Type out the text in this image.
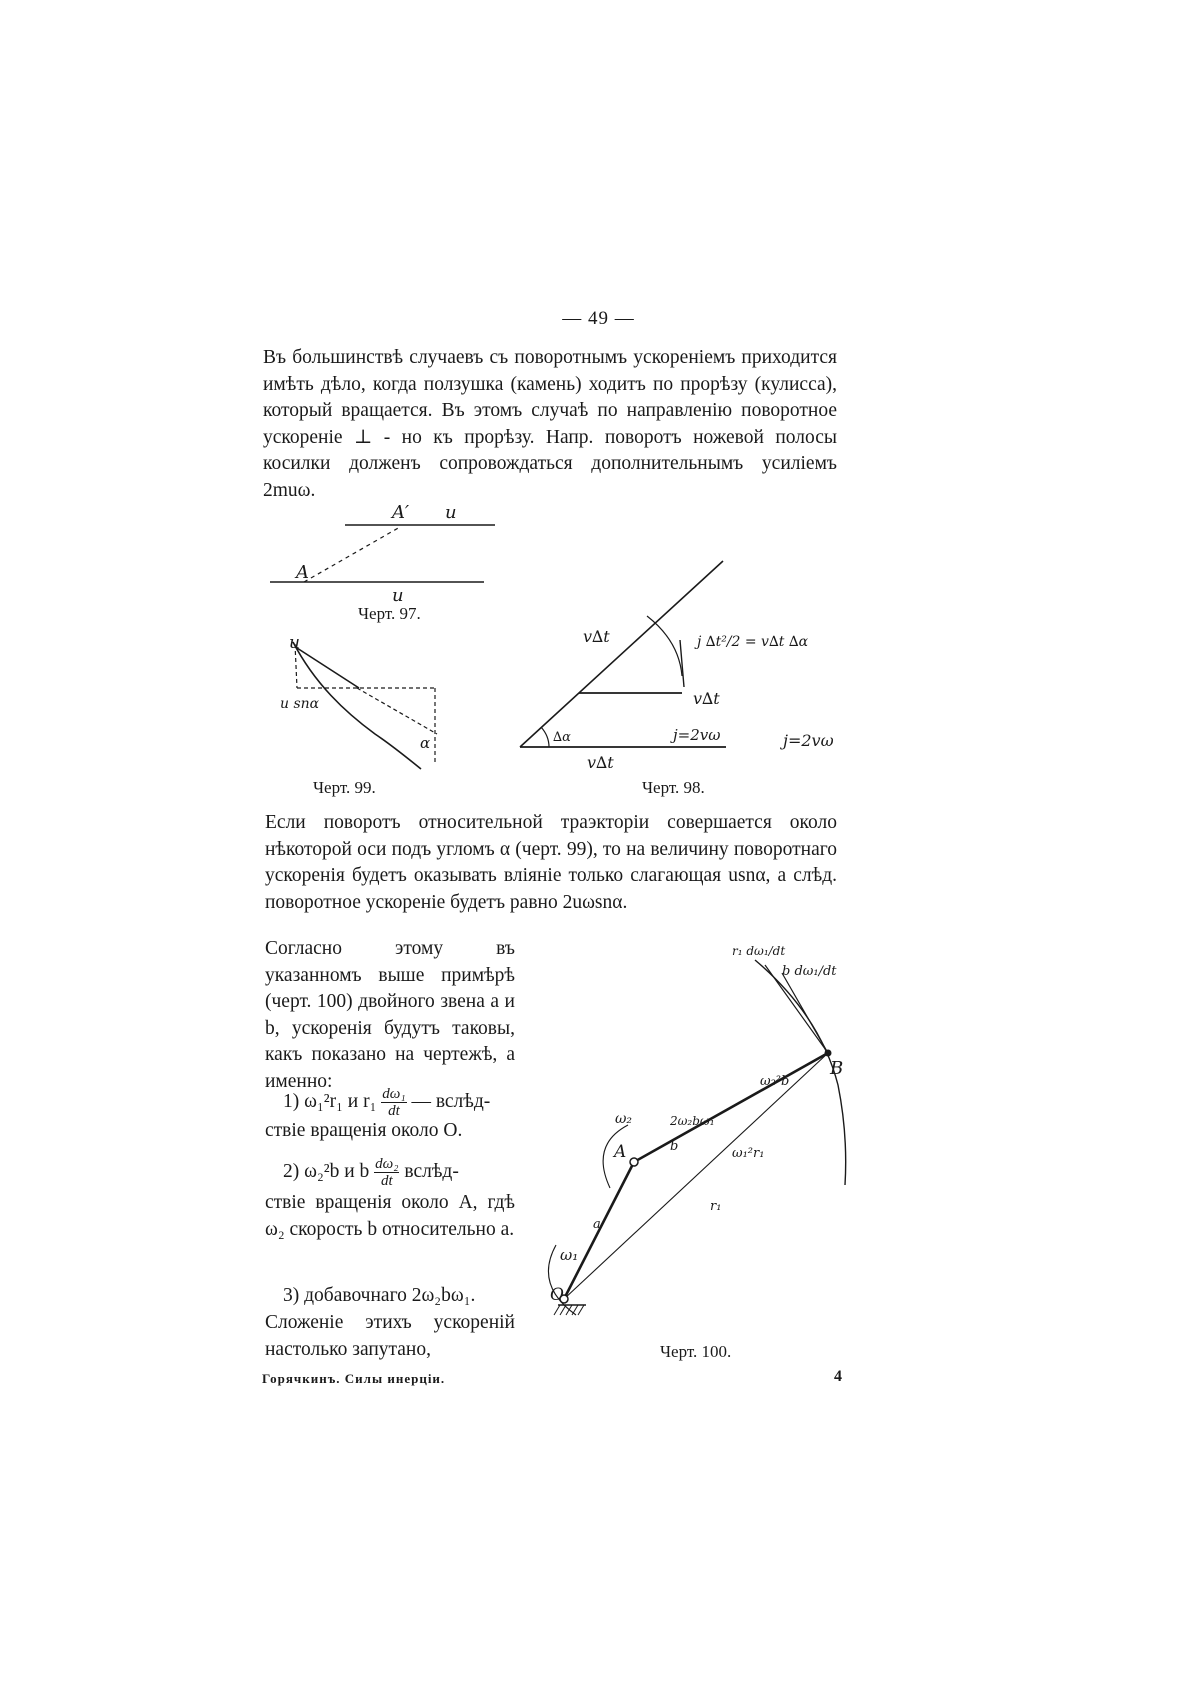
— 49 —
Въ большинствѣ случаевъ съ поворотнымъ ускореніемъ приходится имѣть дѣло, когда ползушка (камень) ходитъ по прорѣзу (кулисса), который вращается. Въ этомъ случаѣ по направленію поворотное ускореніе ⊥ - но къ прорѣзу. Напр. поворотъ ножевой полосы косилки долженъ сопровождаться дополнительнымъ усиліемъ 2muω.
A′
A
u
u
Черт. 97.
u
u snα
α
Черт. 99.
v∆t
v∆t
v∆t
∆α
j ∆t²/2 = v∆t ∆α
j=2vω	j=2vω
Черт. 98.
Если поворотъ относительной траэкторіи совершается около нѣкоторой оси подъ угломъ α (черт. 99), то на величину поворотнаго ускоренія будетъ оказывать вліяніе только слагающая usnα, а слѣд. поворотное ускореніе будетъ равно 2uωsnα.
Согласно этому въ указанномъ выше примѣрѣ (черт. 100) двойного звена a и b, ускоренія будутъ таковы, какъ показано на чертежѣ, а именно:
1) ω₁²r₁ и $r_1 \frac{\text{dω₁}}{dt}$ — вслѣд-
ствіе вращенія около O.
2) ω₂²b и b $\frac{\text{dω₂}}{dt}$ вслѣд-
ствіе вращенія около A, гдѣ ω₂ скорость b относительно a.
3) добавочнаго 2ω₂bω₁.
Сложеніе этихъ ускореній настолько запутано,
B
A
O
a
b
r₁
ω₁
ω₂
ω₂²b
2ω₂bω₁
ω₁²r₁
r₁ dω₁/dt
b dω₁/dt
Черт. 100.
Горячкинъ. Силы инерціи.	4
